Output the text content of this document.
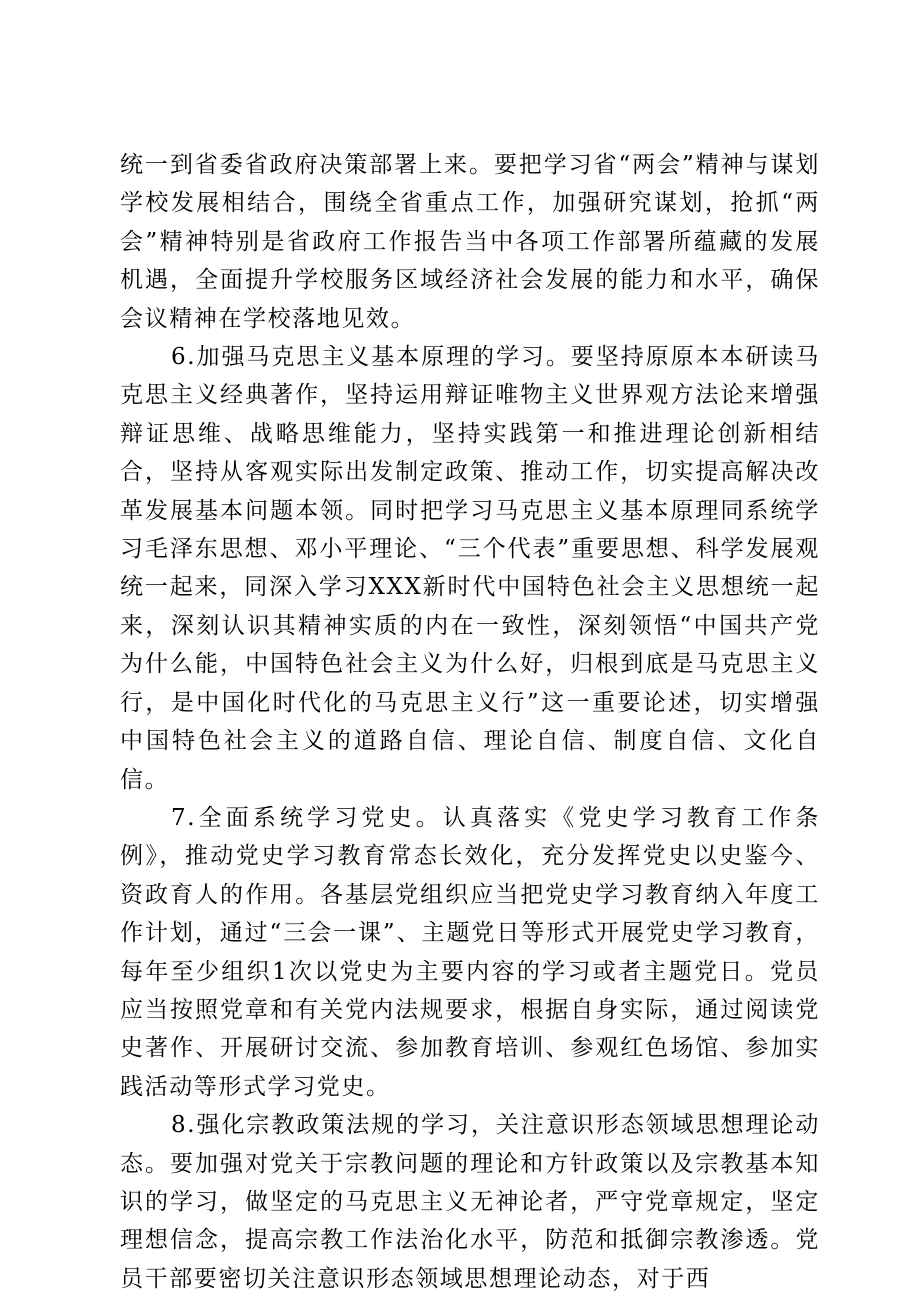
统一到省委省政府决策部署上来。要把学习省“两会”精神与谋划学校发展相结合，围绕全省重点工作，加强研究谋划，抢抓“两会”精神特别是省政府工作报告当中各项工作部署所蕴藏的发展机遇，全面提升学校服务区域经济社会发展的能力和水平，确保会议精神在学校落地见效。

6.加强马克思主义基本原理的学习。要坚持原原本本研读马克思主义经典著作，坚持运用辩证唯物主义世界观方法论来增强辩证思维、战略思维能力，坚持实践第一和推进理论创新相结合，坚持从客观实际出发制定政策、推动工作，切实提高解决改革发展基本问题本领。同时把学习马克思主义基本原理同系统学习毛泽东思想、邓小平理论、“三个代表”重要思想、科学发展观统一起来，同深入学习XXX新时代中国特色社会主义思想统一起来，深刻认识其精神实质的内在一致性，深刻领悟“中国共产党为什么能，中国特色社会主义为什么好，归根到底是马克思主义行，是中国化时代化的马克思主义行”这一重要论述，切实增强中国特色社会主义的道路自信、理论自信、制度自信、文化自信。

7.全面系统学习党史。认真落实《党史学习教育工作条例》，推动党史学习教育常态长效化，充分发挥党史以史鉴今、资政育人的作用。各基层党组织应当把党史学习教育纳入年度工作计划，通过“三会一课”、主题党日等形式开展党史学习教育，每年至少组织1次以党史为主要内容的学习或者主题党日。党员应当按照党章和有关党内法规要求，根据自身实际，通过阅读党史著作、开展研讨交流、参加教育培训、参观红色场馆、参加实践活动等形式学习党史。

8.强化宗教政策法规的学习，关注意识形态领域思想理论动态。要加强对党关于宗教问题的理论和方针政策以及宗教基本知识的学习，做坚定的马克思主义无神论者，严守党章规定，坚定理想信念，提高宗教工作法治化水平，防范和抵御宗教渗透。党员干部要密切关注意识形态领域思想理论动态，对于西
